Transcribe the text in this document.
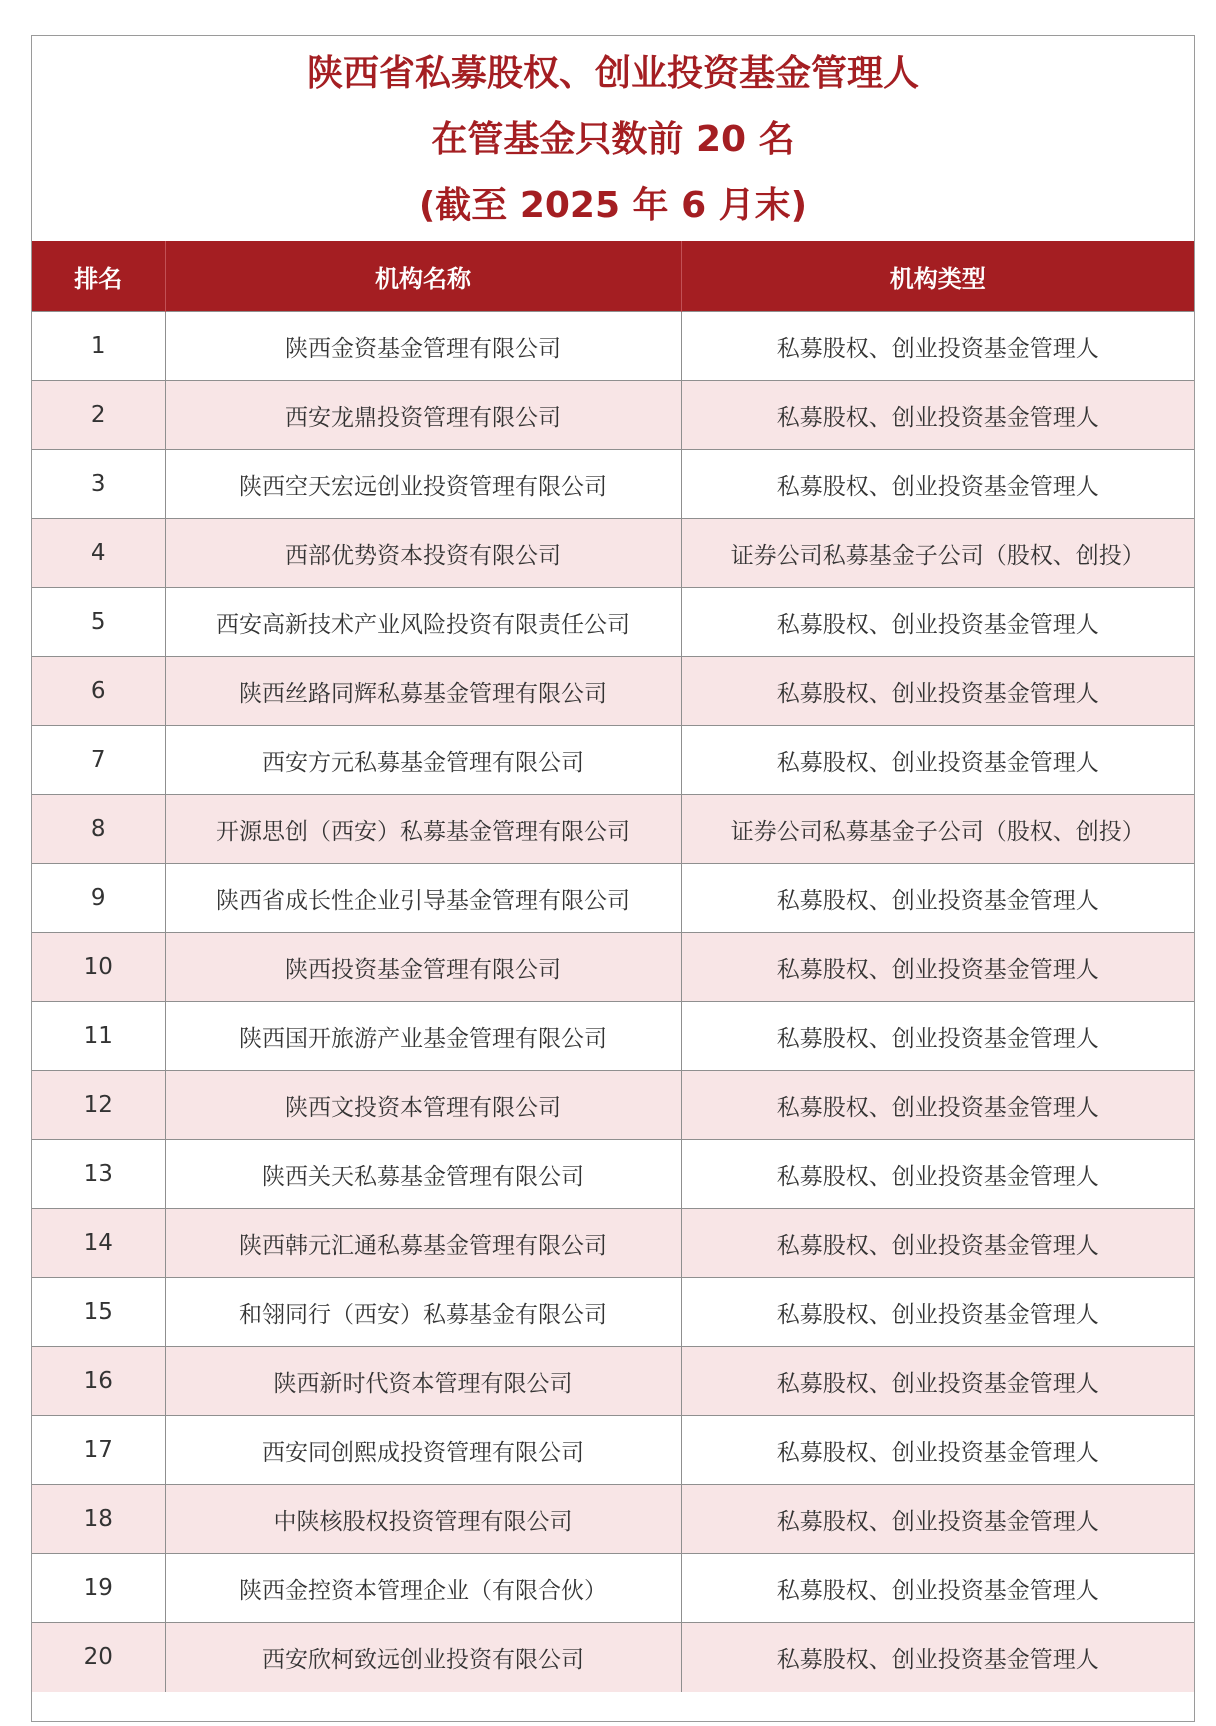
陕西省私募股权、创业投资基金管理人
在管基金只数前 20 名
(截至 2025 年 6 月末)
排名	机构名称	机构类型
1	陕西金资基金管理有限公司	私募股权、创业投资基金管理人
2	西安龙鼎投资管理有限公司	私募股权、创业投资基金管理人
3	陕西空天宏远创业投资管理有限公司	私募股权、创业投资基金管理人
4	西部优势资本投资有限公司	证券公司私募基金子公司（股权、创投）
5	西安高新技术产业风险投资有限责任公司	私募股权、创业投资基金管理人
6	陕西丝路同辉私募基金管理有限公司	私募股权、创业投资基金管理人
7	西安方元私募基金管理有限公司	私募股权、创业投资基金管理人
8	开源思创（西安）私募基金管理有限公司	证券公司私募基金子公司（股权、创投）
9	陕西省成长性企业引导基金管理有限公司	私募股权、创业投资基金管理人
10	陕西投资基金管理有限公司	私募股权、创业投资基金管理人
11	陕西国开旅游产业基金管理有限公司	私募股权、创业投资基金管理人
12	陕西文投资本管理有限公司	私募股权、创业投资基金管理人
13	陕西关天私募基金管理有限公司	私募股权、创业投资基金管理人
14	陕西韩元汇通私募基金管理有限公司	私募股权、创业投资基金管理人
15	和翎同行（西安）私募基金有限公司	私募股权、创业投资基金管理人
16	陕西新时代资本管理有限公司	私募股权、创业投资基金管理人
17	西安同创熙成投资管理有限公司	私募股权、创业投资基金管理人
18	中陕核股权投资管理有限公司	私募股权、创业投资基金管理人
19	陕西金控资本管理企业（有限合伙）	私募股权、创业投资基金管理人
20	西安欣柯致远创业投资有限公司	私募股权、创业投资基金管理人
